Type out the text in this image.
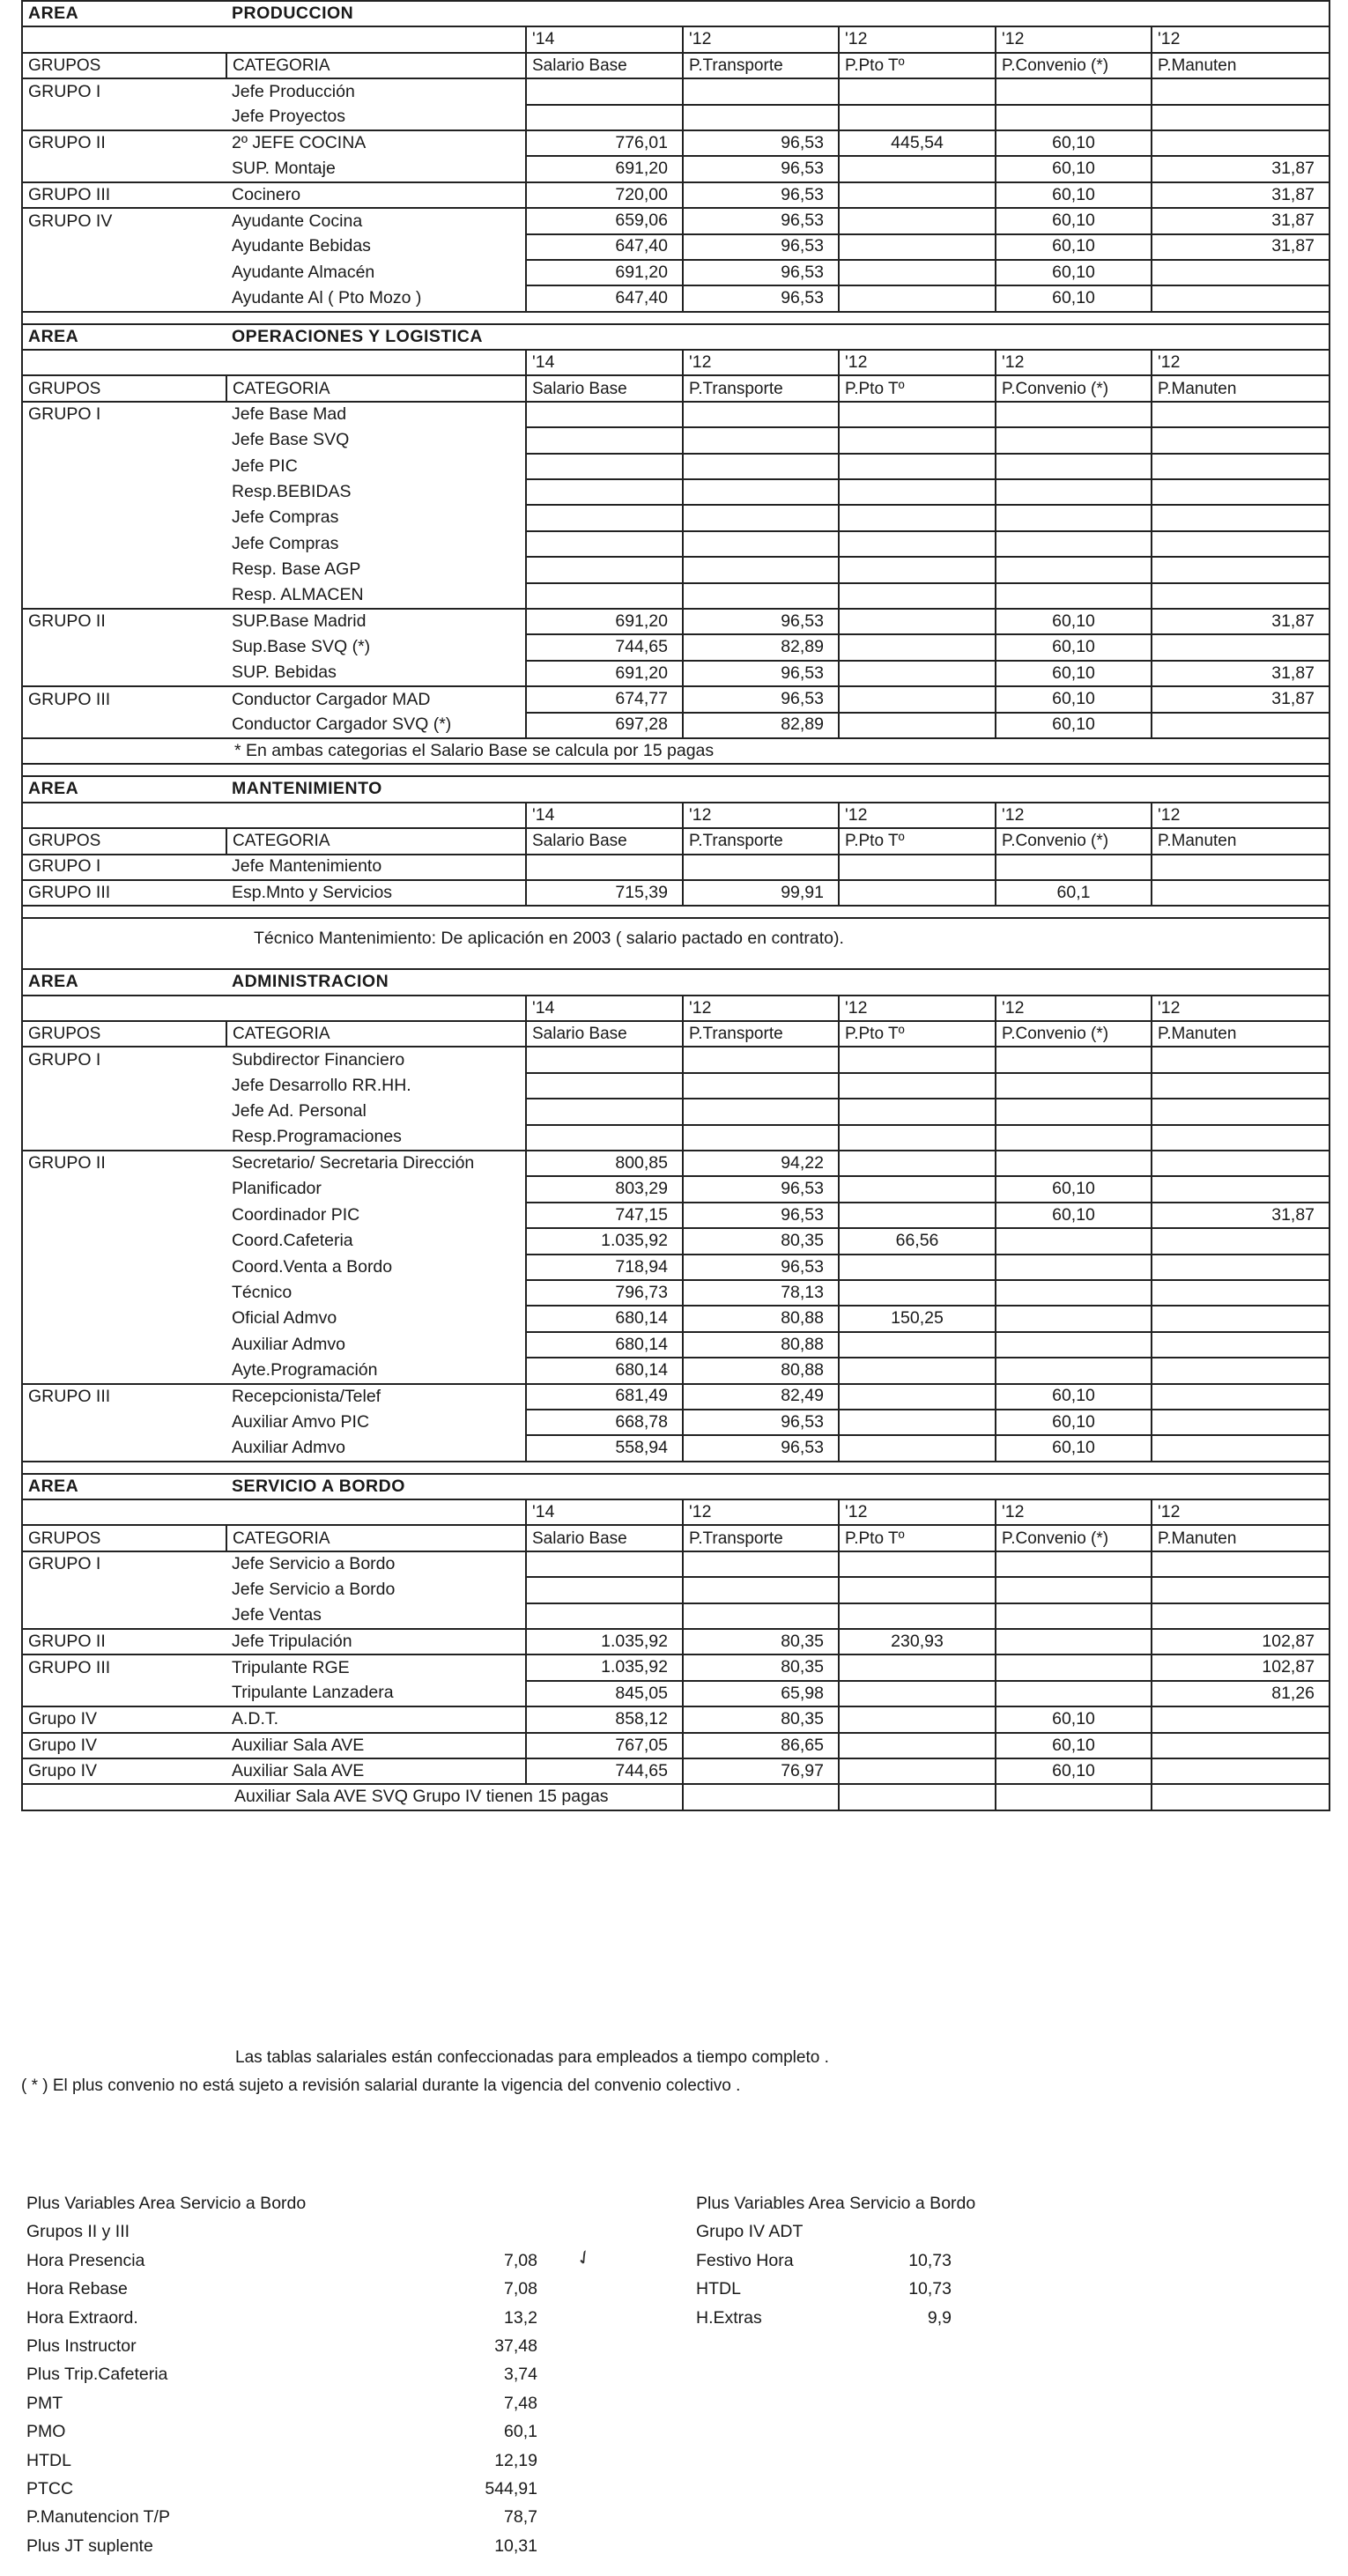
AREA	PRODUCCION					
		'14	'12	'12	'12	'12
GRUPOS	CATEGORIA	Salario Base	P.Transporte	P.Pto Tº	P.Convenio (*)	P.Manuten
GRUPO I	Jefe Producción					
	Jefe Proyectos					
GRUPO II	2º JEFE COCINA	776,01	96,53	445,54	60,10	
	SUP. Montaje	691,20	96,53		60,10	31,87
GRUPO III	Cocinero	720,00	96,53		60,10	31,87
GRUPO IV	Ayudante Cocina	659,06	96,53		60,10	31,87
	Ayudante Bebidas	647,40	96,53		60,10	31,87
	Ayudante Almacén	691,20	96,53		60,10	
	Ayudante Al ( Pto Mozo )	647,40	96,53		60,10	

AREA	OPERACIONES Y LOGISTICA					
		'14	'12	'12	'12	'12
GRUPOS	CATEGORIA	Salario Base	P.Transporte	P.Pto Tº	P.Convenio (*)	P.Manuten
GRUPO I	Jefe Base Mad					
	Jefe Base SVQ					
	Jefe PIC					
	Resp.BEBIDAS					
	Jefe Compras					
	Jefe Compras					
	Resp. Base AGP					
	Resp. ALMACEN					
GRUPO II	SUP.Base Madrid	691,20	96,53		60,10	31,87
	Sup.Base SVQ (*)	744,65	82,89		60,10	
	SUP. Bebidas	691,20	96,53		60,10	31,87
GRUPO III	Conductor Cargador MAD	674,77	96,53		60,10	31,87
	Conductor Cargador SVQ (*)	697,28	82,89		60,10	
* En ambas categorias el Salario Base se calcula por 15 pagas						

AREA	MANTENIMIENTO					
		'14	'12	'12	'12	'12
GRUPOS	CATEGORIA	Salario Base	P.Transporte	P.Pto Tº	P.Convenio (*)	P.Manuten
GRUPO I	Jefe Mantenimiento					
GRUPO III	Esp.Mnto y Servicios	715,39	99,91		60,1	

Técnico Mantenimiento: De aplicación en 2003 ( salario pactado en contrato).						

AREA	ADMINISTRACION					
		'14	'12	'12	'12	'12
GRUPOS	CATEGORIA	Salario Base	P.Transporte	P.Pto Tº	P.Convenio (*)	P.Manuten
GRUPO I	Subdirector Financiero					
	Jefe Desarrollo RR.HH.					
	Jefe Ad. Personal					
	Resp.Programaciones					
GRUPO II	Secretario/ Secretaria Dirección	800,85	94,22			
	Planificador	803,29	96,53		60,10	
	Coordinador PIC	747,15	96,53		60,10	31,87
	Coord.Cafeteria	1.035,92	80,35	66,56		
	Coord.Venta a Bordo	718,94	96,53			
	Técnico	796,73	78,13			
	Oficial Admvo	680,14	80,88	150,25		
	Auxiliar Admvo	680,14	80,88			
	Ayte.Programación	680,14	80,88			
GRUPO III	Recepcionista/Telef	681,49	82,49		60,10	
	Auxiliar Amvo PIC	668,78	96,53		60,10	
	Auxiliar Admvo	558,94	96,53		60,10	

AREA	SERVICIO A BORDO					
		'14	'12	'12	'12	'12
GRUPOS	CATEGORIA	Salario Base	P.Transporte	P.Pto Tº	P.Convenio (*)	P.Manuten
GRUPO I	Jefe Servicio a Bordo					
	Jefe Servicio a Bordo					
	Jefe Ventas					
GRUPO II	Jefe Tripulación	1.035,92	80,35	230,93		102,87
GRUPO III	Tripulante RGE	1.035,92	80,35			102,87
	Tripulante Lanzadera	845,05	65,98			81,26
Grupo IV	A.D.T.	858,12	80,35		60,10	
Grupo IV	Auxiliar Sala AVE	767,05	86,65		60,10	
Grupo IV	Auxiliar Sala AVE	744,65	76,97		60,10	
Auxiliar Sala AVE SVQ Grupo IV tienen 15 pagas						
Las tablas salariales están confeccionadas para empleados a tiempo completo .
( * ) El plus convenio no está sujeto a revisión salarial durante la vigencia del convenio colectivo .
Plus Variables Area Servicio a Bordo
Grupos II y III
Hora Presencia	7,08
Hora Rebase	7,08
Hora Extraord.	13,2
Plus Instructor	37,48
Plus Trip.Cafeteria	3,74
PMT	7,48
PMO	60,1
HTDL	12,19
PTCC	544,91
P.Manutencion T/P	78,7
Plus JT suplente	10,31
✓
Plus Variables Area Servicio a Bordo
Grupo IV ADT
Festivo Hora	10,73
HTDL	10,73
H.Extras	9,9
